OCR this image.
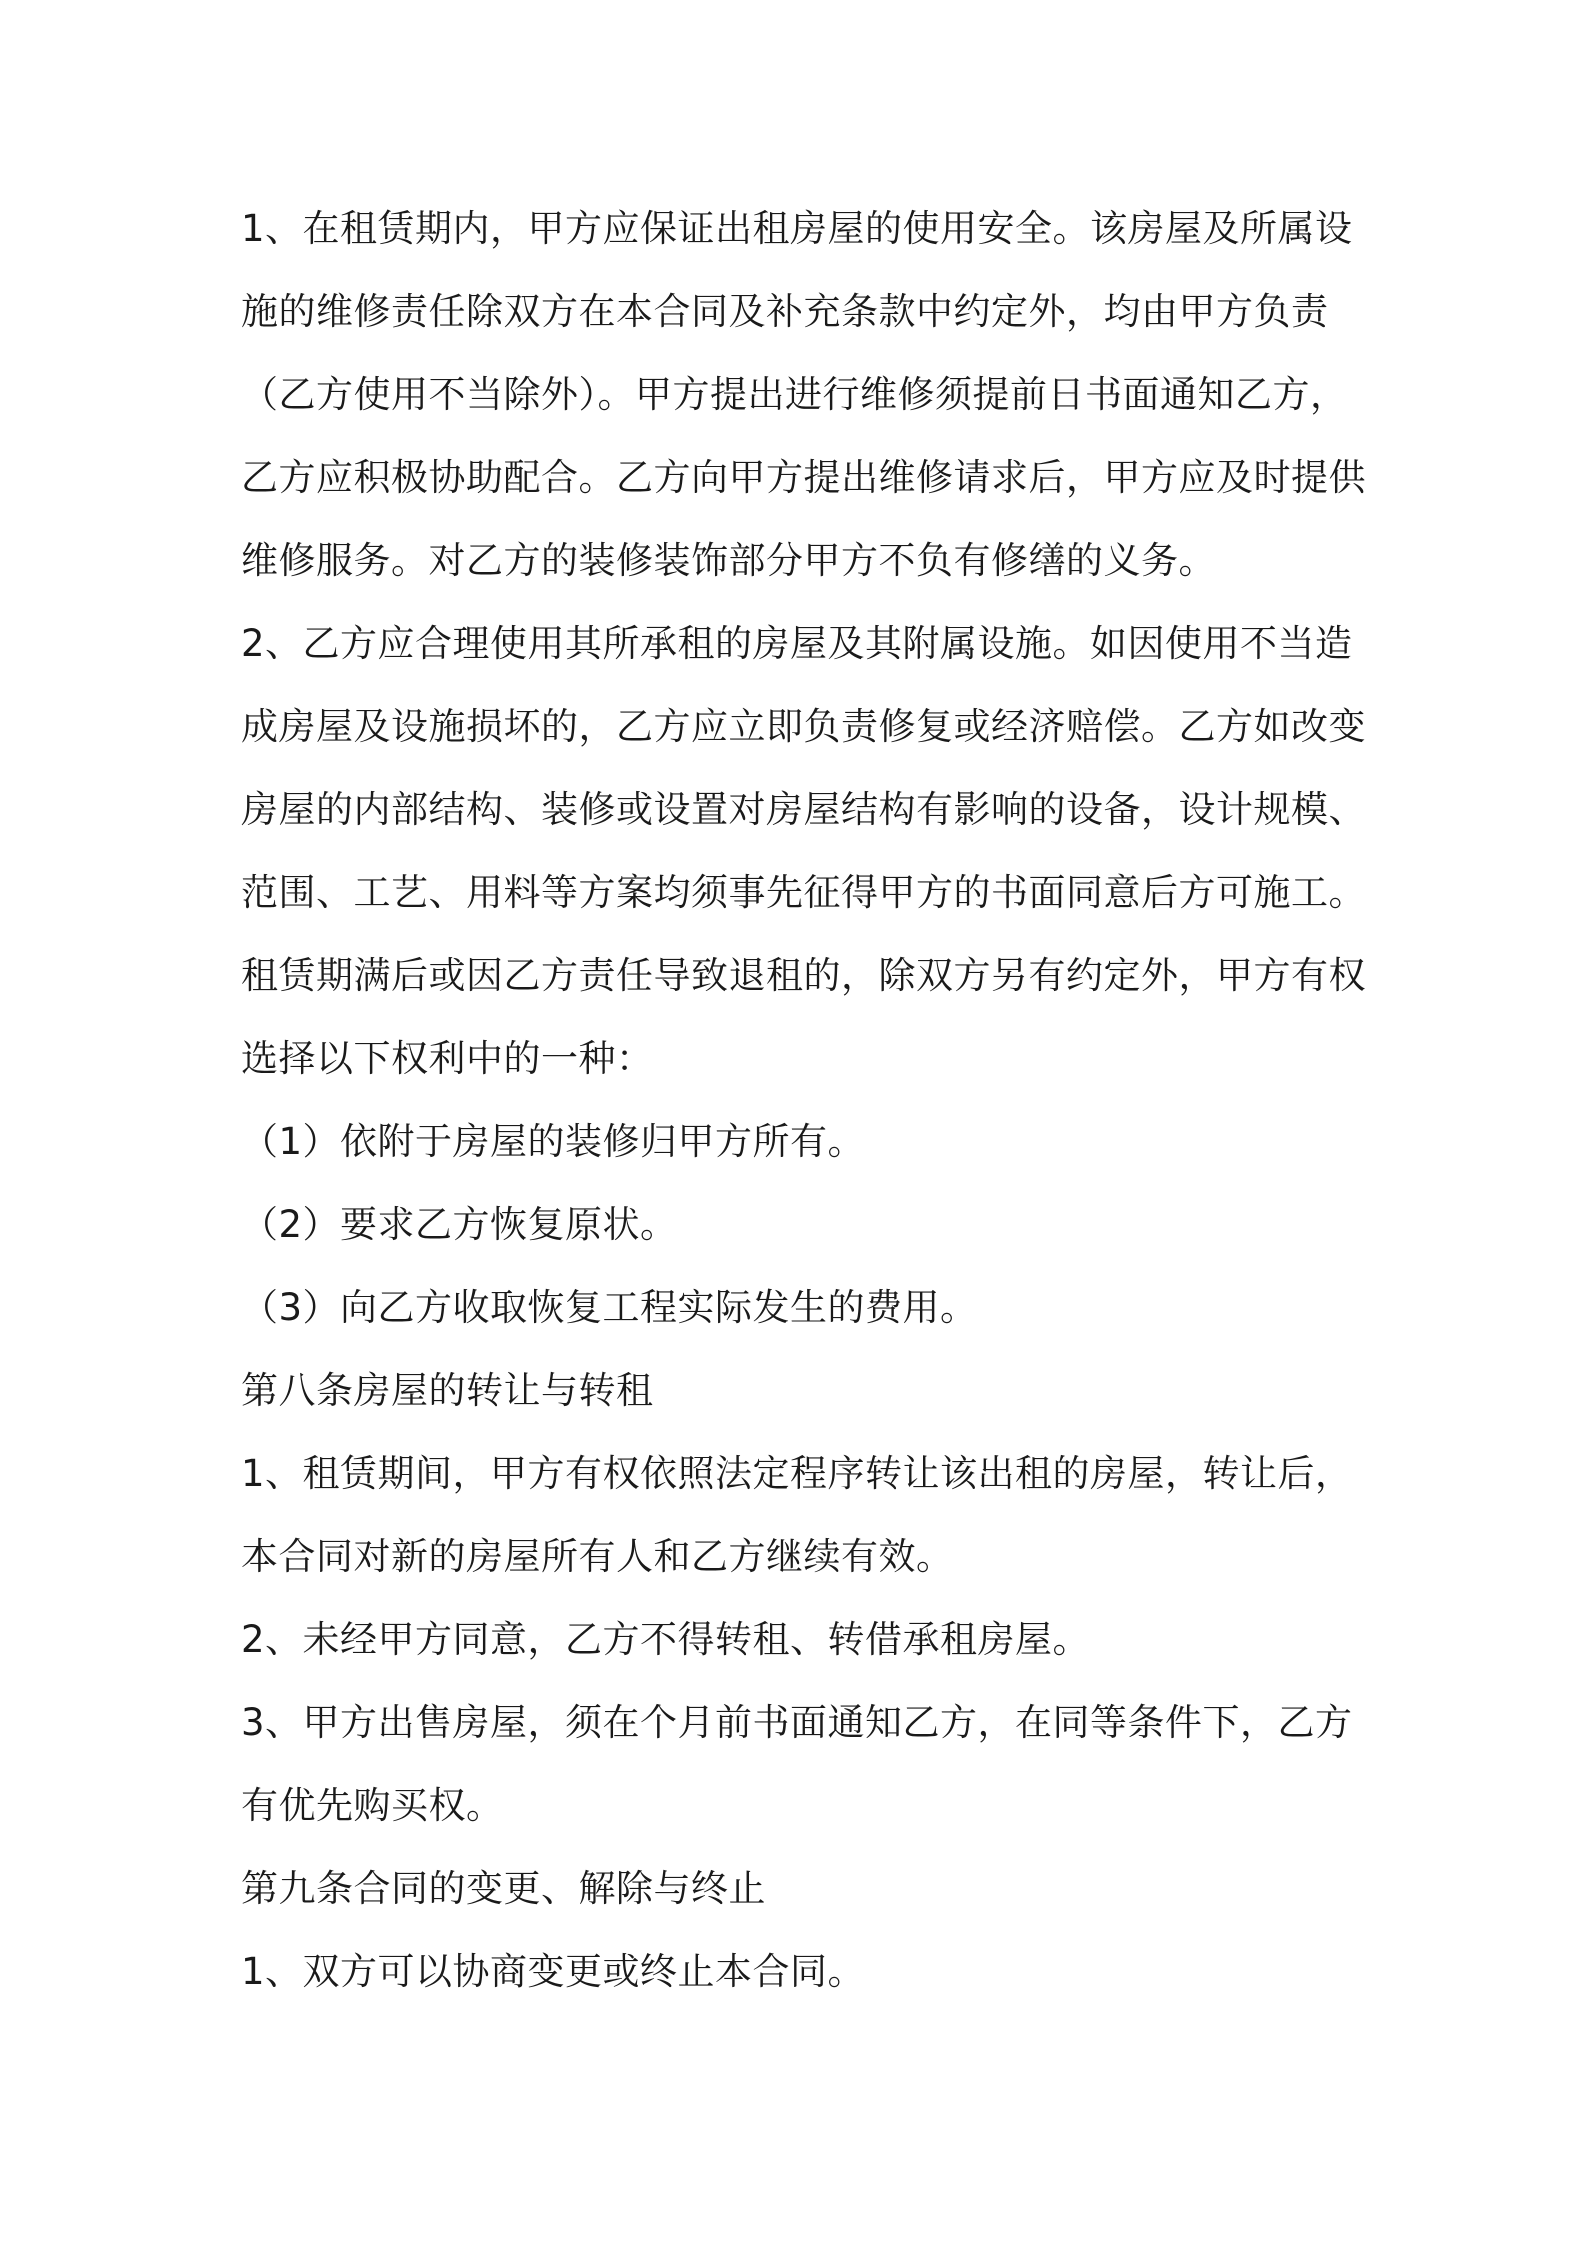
1、在租赁期内，甲方应保证出租房屋的使用安全。该房屋及所属设
施的维修责任除双方在本合同及补充条款中约定外，均由甲方负责
（乙方使用不当除外）。甲方提出进行维修须提前日书面通知乙方，
乙方应积极协助配合。乙方向甲方提出维修请求后，甲方应及时提供
维修服务。对乙方的装修装饰部分甲方不负有修缮的义务。
2、乙方应合理使用其所承租的房屋及其附属设施。如因使用不当造
成房屋及设施损坏的，乙方应立即负责修复或经济赔偿。乙方如改变
房屋的内部结构、装修或设置对房屋结构有影响的设备，设计规模、
范围、工艺、用料等方案均须事先征得甲方的书面同意后方可施工。
租赁期满后或因乙方责任导致退租的，除双方另有约定外，甲方有权
选择以下权利中的一种：
（1）依附于房屋的装修归甲方所有。
（2）要求乙方恢复原状。
（3）向乙方收取恢复工程实际发生的费用。
第八条房屋的转让与转租
1、租赁期间，甲方有权依照法定程序转让该出租的房屋，转让后，
本合同对新的房屋所有人和乙方继续有效。
2、未经甲方同意，乙方不得转租、转借承租房屋。
3、甲方出售房屋，须在个月前书面通知乙方，在同等条件下，乙方
有优先购买权。
第九条合同的变更、解除与终止
1、双方可以协商变更或终止本合同。
